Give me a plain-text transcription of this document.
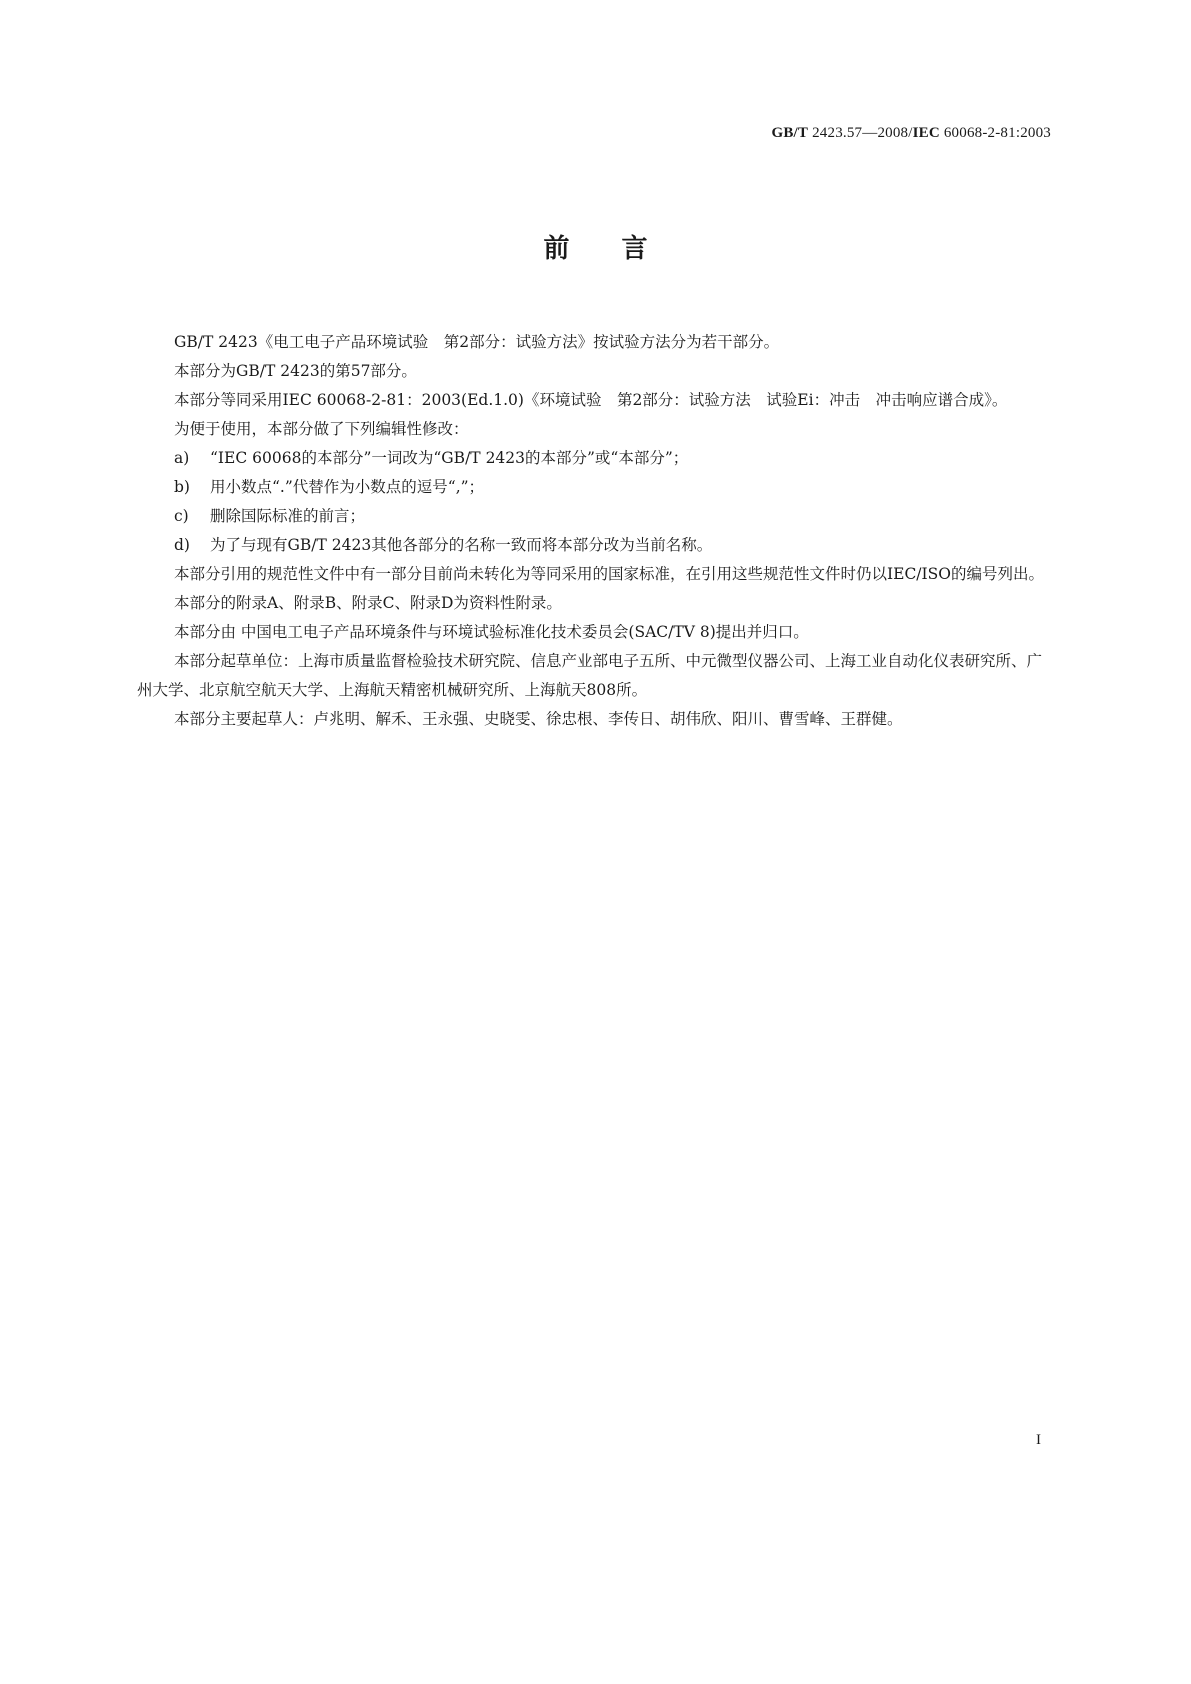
GB/T 2423.57—2008/IEC 60068-2-81:2003
前言

GB/T 2423《电工电子产品环境试验　第2部分：试验方法》按试验方法分为若干部分。

本部分为GB/T 2423的第57部分。

本部分等同采用IEC 60068-2-81：2003(Ed.1.0)《环境试验　第2部分：试验方法　试验Ei：冲击　冲击响应谱合成》。

为便于使用，本部分做了下列编辑性修改：

a) “IEC 60068的本部分”一词改为“GB/T 2423的本部分”或“本部分”；

b) 用小数点“.”代替作为小数点的逗号“,”；

c) 删除国际标准的前言；

d) 为了与现有GB/T 2423其他各部分的名称一致而将本部分改为当前名称。

本部分引用的规范性文件中有一部分目前尚未转化为等同采用的国家标准，在引用这些规范性文件时仍以IEC/ISO的编号列出。

本部分的附录A、附录B、附录C、附录D为资料性附录。

本部分由 中国电工电子产品环境条件与环境试验标准化技术委员会(SAC/TV 8)提出并归口。

本部分起草单位：上海市质量监督检验技术研究院、信息产业部电子五所、中元微型仪器公司、上海工业自动化仪表研究所、广州大学、北京航空航天大学、上海航天精密机械研究所、上海航天808所。

本部分主要起草人：卢兆明、解禾、王永强、史晓雯、徐忠根、李传日、胡伟欣、阳川、曹雪峰、王群健。

I
